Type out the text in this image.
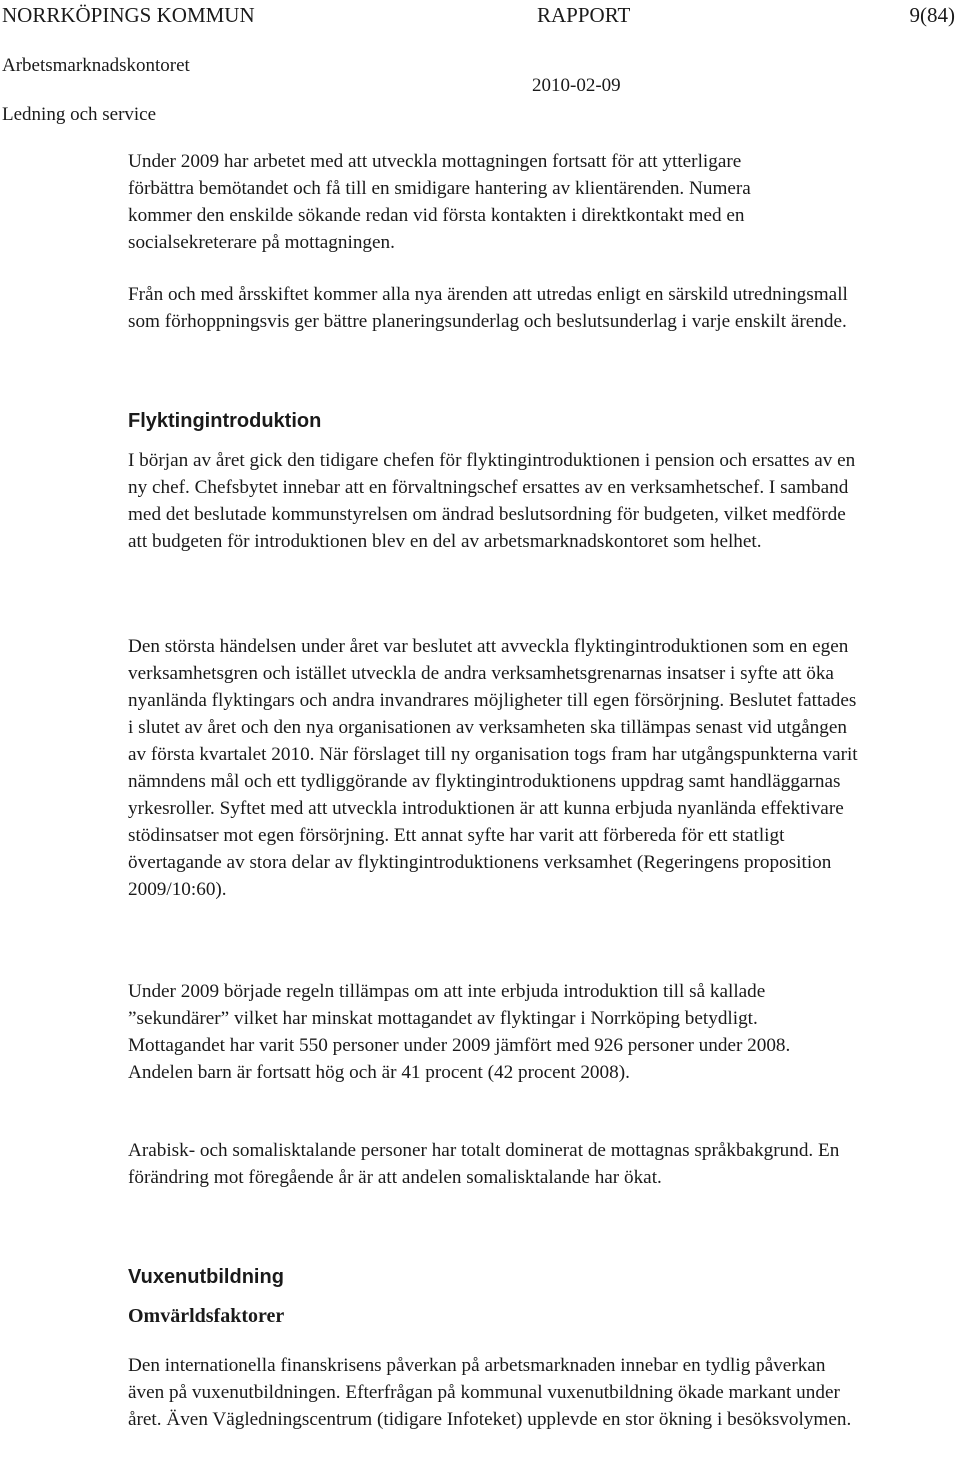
NORRKÖPINGS KOMMUN	RAPPORT	9(84)
Arbetsmarknadskontoret
2010-02-09
Ledning och service

Under 2009 har arbetet med att utveckla mottagningen fortsatt för att ytterligare förbättra bemötandet och få till en smidigare hantering av klientärenden. Numera kommer den enskilde sökande redan vid första kontakten i direktkontakt med en socialsekreterare på mottagningen.

Från och med årsskiftet kommer alla nya ärenden att utredas enligt en särskild utredningsmall som förhoppningsvis ger bättre planeringsunderlag och beslutsunderlag i varje enskilt ärende.

Flyktingintroduktion

I början av året gick den tidigare chefen för flyktingintroduktionen i pension och ersattes av en ny chef. Chefsbytet innebar att en förvaltningschef ersattes av en verksamhetschef. I samband med det beslutade kommunstyrelsen om ändrad beslutsordning för budgeten, vilket medförde att budgeten för introduktionen blev en del av arbetsmarknadskontoret som helhet.

Den största händelsen under året var beslutet att avveckla flyktingintroduktionen som en egen verksamhetsgren och istället utveckla de andra verksamhetsgrenarnas insatser i syfte att öka nyanlända flyktingars och andra invandrares möjligheter till egen försörjning. Beslutet fattades i slutet av året och den nya organisationen av verksamheten ska tillämpas senast vid utgången av första kvartalet 2010. När förslaget till ny organisation togs fram har utgångspunkterna varit nämndens mål och ett tydliggörande av flyktingintroduktionens uppdrag samt handläggarnas yrkesroller. Syftet med att utveckla introduktionen är att kunna erbjuda nyanlända effektivare stödinsatser mot egen försörjning. Ett annat syfte har varit att förbereda för ett statligt övertagande av stora delar av flyktingintroduktionens verksamhet (Regeringens proposition 2009/10:60).

Under 2009 började regeln tillämpas om att inte erbjuda introduktion till så kallade ”sekundärer” vilket har minskat mottagandet av flyktingar i Norrköping betydligt. Mottagandet har varit 550 personer under 2009 jämfört med 926 personer under 2008. Andelen barn är fortsatt hög och är 41 procent (42 procent 2008).

Arabisk- och somalisktalande personer har totalt dominerat de mottagnas språkbakgrund. En förändring mot föregående år är att andelen somalisktalande har ökat.

Vuxenutbildning
Omvärldsfaktorer

Den internationella finanskrisens påverkan på arbetsmarknaden innebar en tydlig påverkan även på vuxenutbildningen. Efterfrågan på kommunal vuxenutbildning ökade markant under året. Även Vägledningscentrum (tidigare Infoteket) upplevde en stor ökning i besöksvolymen.
